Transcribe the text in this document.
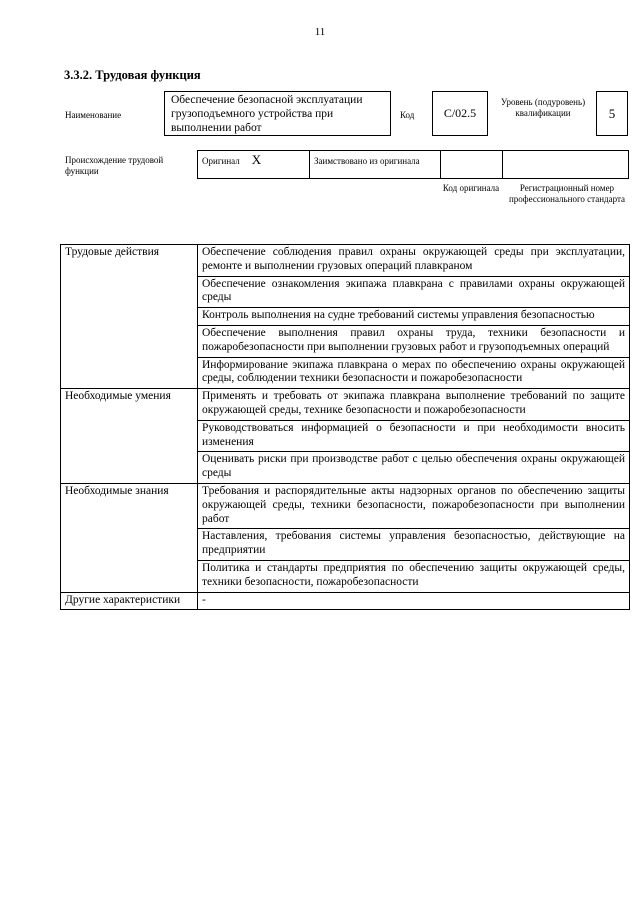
11
3.3.2. Трудовая функция
Наименование
Обеспечение безопасной эксплуатации грузоподъемного устройства при выполнении работ
Код C/02.5
Уровень (подуровень) квалификации	5
Происхождение трудовой функции
Оригинал X	Заимствовано из оригинала		
Код оригинала	Регистрационный номер профессионального стандарта
Трудовые действия	Обеспечение соблюдения правил охраны окружающей среды при эксплуатации, ремонте и выполнении грузовых операций плавкраном
	Обеспечение ознакомления экипажа плавкрана с правилами охраны окружающей среды
	Контроль выполнения на судне требований системы управления безопасностью
	Обеспечение выполнения правил охраны труда, техники безопасности и пожаробезопасности при выполнении грузовых работ и грузоподъемных операций
	Информирование экипажа плавкрана о мерах по обеспечению охраны окружающей среды, соблюдении техники безопасности и пожаробезопасности
Необходимые умения	Применять и требовать от экипажа плавкрана выполнение требований по защите окружающей среды, технике безопасности и пожаробезопасности
	Руководствоваться информацией о безопасности и при необходимости вносить изменения
	Оценивать риски при производстве работ с целью обеспечения охраны окружающей среды
Необходимые знания	Требования и распорядительные акты надзорных органов по обеспечению защиты окружающей среды, техники безопасности, пожаробезопасности при выполнении работ
	Наставления, требования системы управления безопасностью, действующие на предприятии
	Политика и стандарты предприятия по обеспечению защиты окружающей среды, техники безопасности, пожаробезопасности
Другие характеристики	-
